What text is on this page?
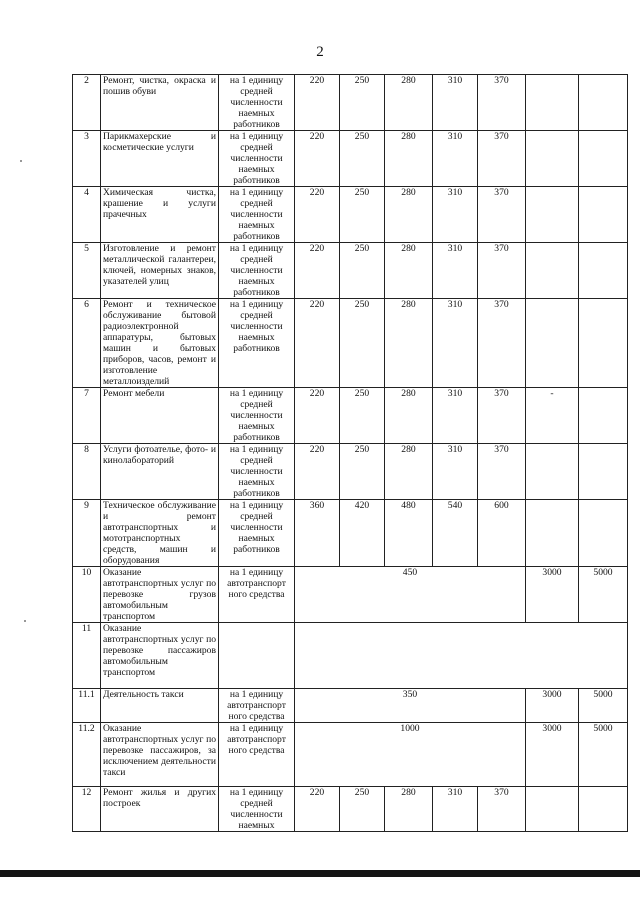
2
2	Ремонт, чистка, окраска и пошив обуви	на 1 единицу средней численности наемных работников	220	250	280	310	370		
3	Парикмахерские и косметические услуги	на 1 единицу средней численности наемных работников	220	250	280	310	370		
4	Химическая чистка, крашение и услуги прачечных	на 1 единицу средней численности наемных работников	220	250	280	310	370		
5	Изготовление и ремонт металлической галантереи, ключей, номерных знаков, указателей улиц	на 1 единицу средней численности наемных работников	220	250	280	310	370		
6	Ремонт и техническое обслуживание бытовой радиоэлектронной аппаратуры, бытовых машин и бытовых приборов, часов, ремонт и изготовление металлоизделий	на 1 единицу средней численности наемных работников	220	250	280	310	370		
7	Ремонт мебели	на 1 единицу средней численности наемных работников	220	250	280	310	370	-	
8	Услуги фотоателье, фото- и кинолабораторий	на 1 единицу средней численности наемных работников	220	250	280	310	370		
9	Техническое обслуживание и ремонт автотранспортных и мототранспортных средств, машин и оборудования	на 1 единицу средней численности наемных работников	360	420	480	540	600		
10	Оказание автотранспортных услуг по перевозке грузов автомобильным транспортом	на 1 единицу автотранспорт ного средства	450					3000	5000
11	Оказание автотранспортных услуг по перевозке пассажиров автомобильным транспортом								
11.1	Деятельность такси	на 1 единицу автотранспорт ного средства	350					3000	5000
11.2	Оказание автотранспортных услуг по перевозке пассажиров, за исключением деятельности такси	на 1 единицу автотранспорт ного средства	1000					3000	5000
12	Ремонт жилья и других построек	на 1 единицу средней численности наемных	220	250	280	310	370		
